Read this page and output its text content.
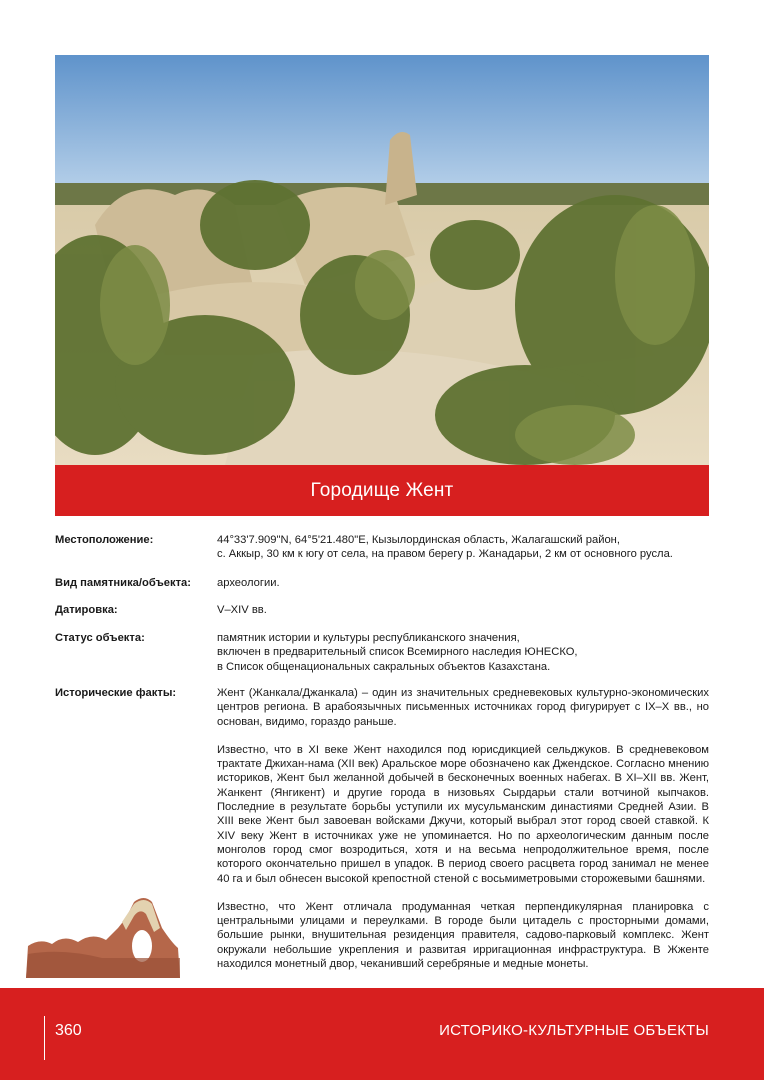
Городище Жент
Местоположение:	44°33'7.909"N, 64°5'21.480"E, Кызылординская область, Жалагашский район,
с. Аккыр, 30 км к югу от села, на правом берегу р. Жанадарьи, 2 км от основного русла.
Вид памятника/объекта:	археологии.
Датировка:	V–XIV вв.
Статус объекта:	памятник истории и культуры республиканского значения,
включен в предварительный список Всемирного наследия ЮНЕСКО,
в Список общенациональных сакральных объектов Казахстана.
Исторические факты:	Жент (Жанкала/Джанкала) – один из значительных средневековых культурно-экономических центров региона. В арабоязычных письменных источниках город фигурирует с IX–X вв., но основан, видимо, гораздо раньше.

Известно, что в XI веке Жент находился под юрисдикцией сельджуков. В средневековом трактате Джихан-нама (XII век) Аральское море обозначено как Джендское. Согласно мнению историков, Жент был желанной добычей в бесконечных военных набегах. В XI–XII вв. Жент, Жанкент (Янгикент) и другие города в низовьях Сырдарьи стали вотчиной кыпчаков. Последние в результате борьбы уступили их мусульманским династиями Средней Азии. В XIII веке Жент был завоеван войсками Джучи, который выбрал этот город своей ставкой. К XIV веку Жент в источниках уже не упоминается. Но по археологическим данным после монголов город смог возродиться, хотя и на весьма непродолжительное время, после которого окончательно пришел в упадок. В период своего расцвета город занимал не менее 40 га и был обнесен высокой крепостной стеной с восьмиметровыми сторожевыми башнями.

Известно, что Жент отличала продуманная четкая перпендикулярная планировка с центральными улицами и переулками. В городе были цитадель с просторными домами, большие рынки, внушительная резиденция правителя, садово-парковый комплекс. Жент окружали небольшие укрепления и развитая ирригационная инфраструктура. В Жженте находился монетный двор, чеканивший серебряные и медные монеты.

360	ИСТОРИКО-КУЛЬТУРНЫЕ ОБЪЕКТЫ
